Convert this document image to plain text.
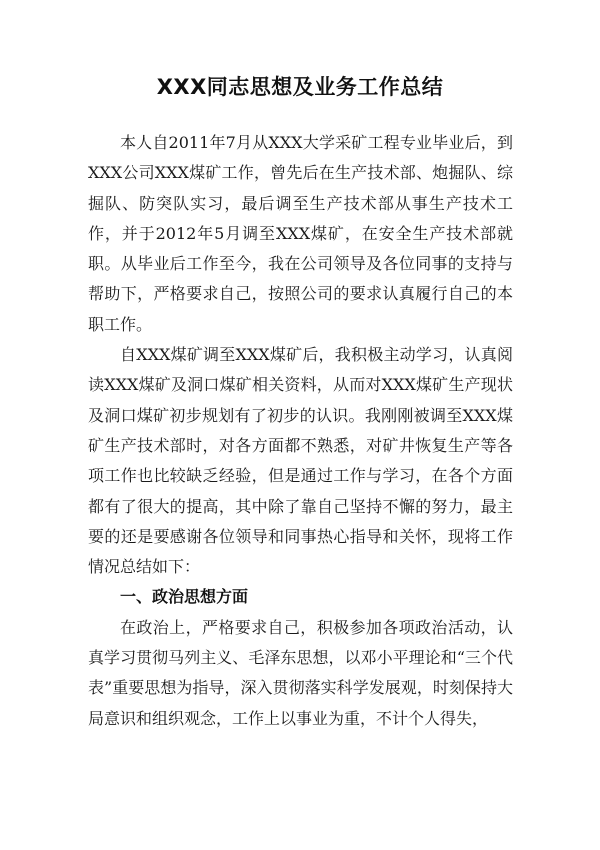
XXX同志思想及业务工作总结

本人自2011年7月从XXX大学采矿工程专业毕业后，到XXX公司XXX煤矿工作，曾先后在生产技术部、炮掘队、综掘队、防突队实习，最后调至生产技术部从事生产技术工作，并于2012年5月调至XXX煤矿，在安全生产技术部就职。从毕业后工作至今，我在公司领导及各位同事的支持与帮助下，严格要求自己，按照公司的要求认真履行自己的本职工作。

自XXX煤矿调至XXX煤矿后，我积极主动学习，认真阅读XXX煤矿及洞口煤矿相关资料，从而对XXX煤矿生产现状及洞口煤矿初步规划有了初步的认识。我刚刚被调至XXX煤矿生产技术部时，对各方面都不熟悉，对矿井恢复生产等各项工作也比较缺乏经验，但是通过工作与学习，在各个方面都有了很大的提高，其中除了靠自己坚持不懈的努力，最主要的还是要感谢各位领导和同事热心指导和关怀，现将工作情况总结如下：

一、政治思想方面

在政治上，严格要求自己，积极参加各项政治活动，认真学习贯彻马列主义、毛泽东思想，以邓小平理论和“三个代表”重要思想为指导，深入贯彻落实科学发展观，时刻保持大局意识和组织观念，工作上以事业为重，不计个人得失，
